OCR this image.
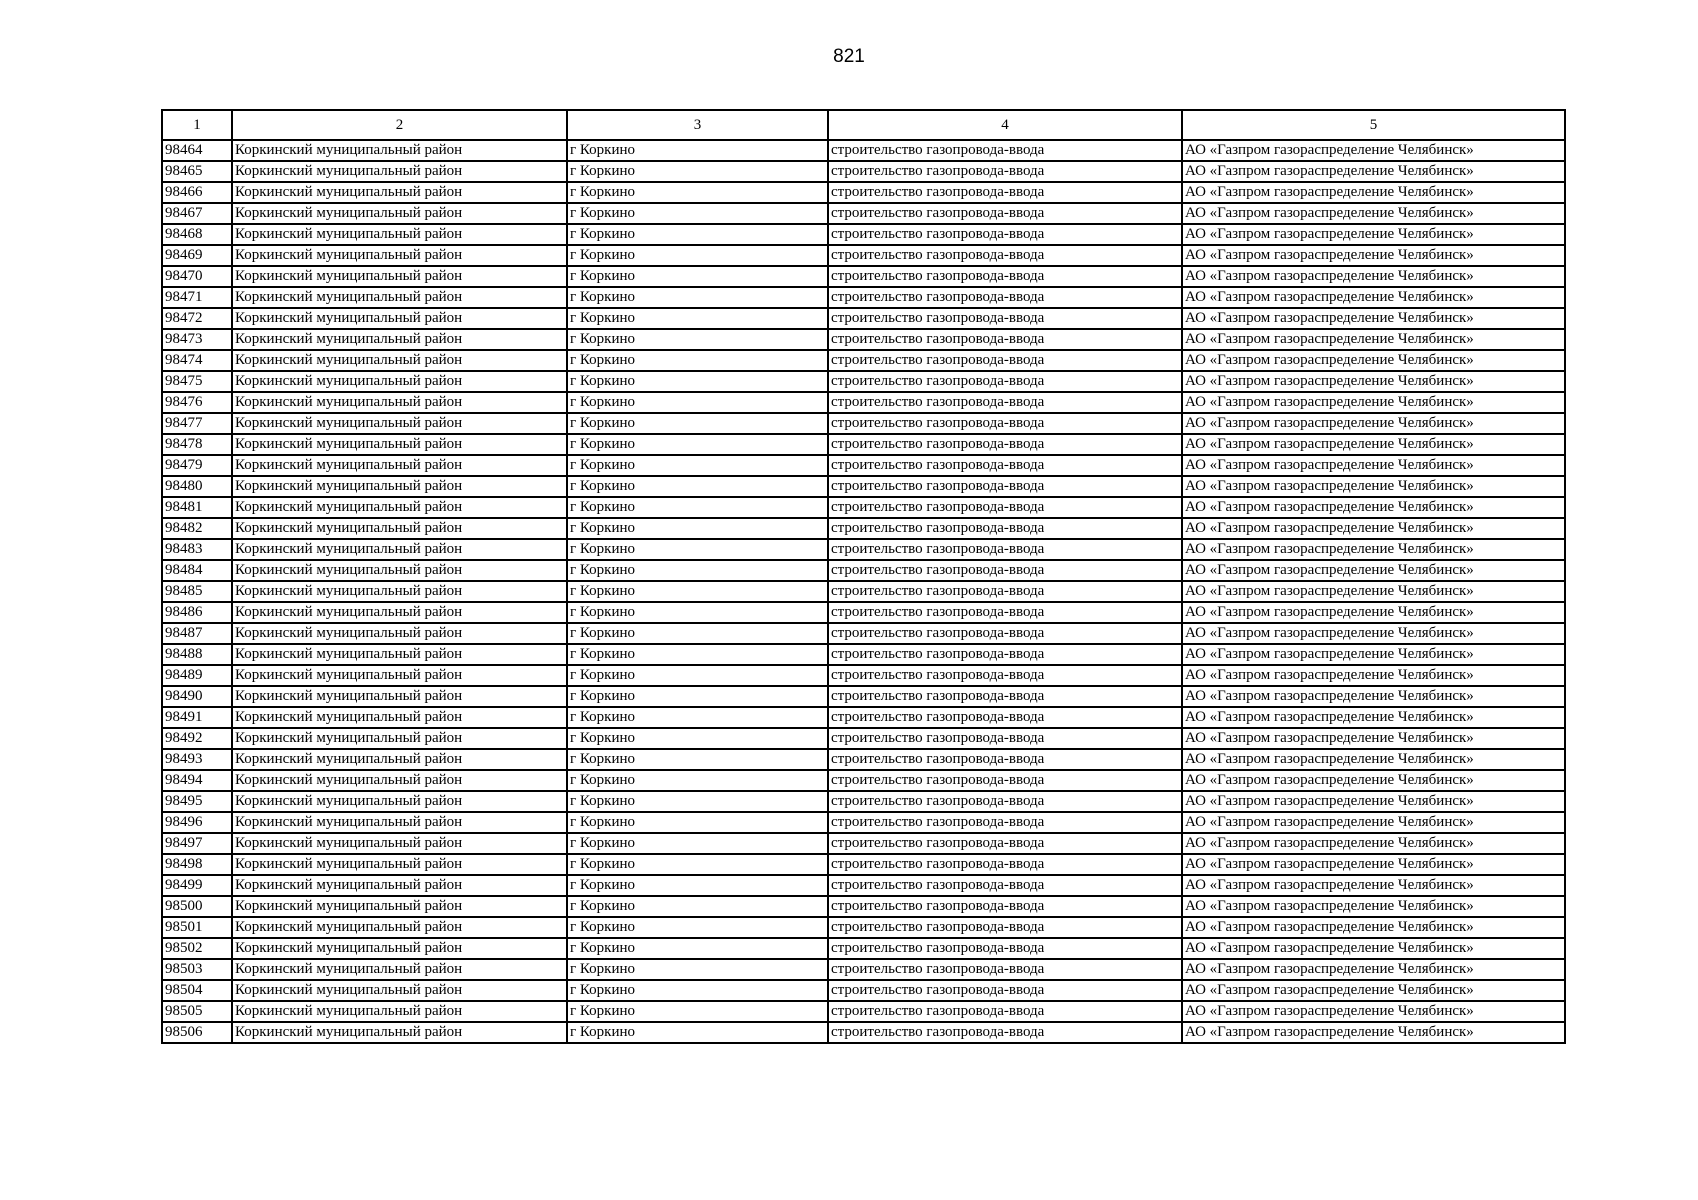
821
1	2	3	4	5
98464	Коркинский муниципальный район	г Коркино	строительство газопровода-ввода	АО «Газпром газораспределение Челябинск»
98465	Коркинский муниципальный район	г Коркино	строительство газопровода-ввода	АО «Газпром газораспределение Челябинск»
98466	Коркинский муниципальный район	г Коркино	строительство газопровода-ввода	АО «Газпром газораспределение Челябинск»
98467	Коркинский муниципальный район	г Коркино	строительство газопровода-ввода	АО «Газпром газораспределение Челябинск»
98468	Коркинский муниципальный район	г Коркино	строительство газопровода-ввода	АО «Газпром газораспределение Челябинск»
98469	Коркинский муниципальный район	г Коркино	строительство газопровода-ввода	АО «Газпром газораспределение Челябинск»
98470	Коркинский муниципальный район	г Коркино	строительство газопровода-ввода	АО «Газпром газораспределение Челябинск»
98471	Коркинский муниципальный район	г Коркино	строительство газопровода-ввода	АО «Газпром газораспределение Челябинск»
98472	Коркинский муниципальный район	г Коркино	строительство газопровода-ввода	АО «Газпром газораспределение Челябинск»
98473	Коркинский муниципальный район	г Коркино	строительство газопровода-ввода	АО «Газпром газораспределение Челябинск»
98474	Коркинский муниципальный район	г Коркино	строительство газопровода-ввода	АО «Газпром газораспределение Челябинск»
98475	Коркинский муниципальный район	г Коркино	строительство газопровода-ввода	АО «Газпром газораспределение Челябинск»
98476	Коркинский муниципальный район	г Коркино	строительство газопровода-ввода	АО «Газпром газораспределение Челябинск»
98477	Коркинский муниципальный район	г Коркино	строительство газопровода-ввода	АО «Газпром газораспределение Челябинск»
98478	Коркинский муниципальный район	г Коркино	строительство газопровода-ввода	АО «Газпром газораспределение Челябинск»
98479	Коркинский муниципальный район	г Коркино	строительство газопровода-ввода	АО «Газпром газораспределение Челябинск»
98480	Коркинский муниципальный район	г Коркино	строительство газопровода-ввода	АО «Газпром газораспределение Челябинск»
98481	Коркинский муниципальный район	г Коркино	строительство газопровода-ввода	АО «Газпром газораспределение Челябинск»
98482	Коркинский муниципальный район	г Коркино	строительство газопровода-ввода	АО «Газпром газораспределение Челябинск»
98483	Коркинский муниципальный район	г Коркино	строительство газопровода-ввода	АО «Газпром газораспределение Челябинск»
98484	Коркинский муниципальный район	г Коркино	строительство газопровода-ввода	АО «Газпром газораспределение Челябинск»
98485	Коркинский муниципальный район	г Коркино	строительство газопровода-ввода	АО «Газпром газораспределение Челябинск»
98486	Коркинский муниципальный район	г Коркино	строительство газопровода-ввода	АО «Газпром газораспределение Челябинск»
98487	Коркинский муниципальный район	г Коркино	строительство газопровода-ввода	АО «Газпром газораспределение Челябинск»
98488	Коркинский муниципальный район	г Коркино	строительство газопровода-ввода	АО «Газпром газораспределение Челябинск»
98489	Коркинский муниципальный район	г Коркино	строительство газопровода-ввода	АО «Газпром газораспределение Челябинск»
98490	Коркинский муниципальный район	г Коркино	строительство газопровода-ввода	АО «Газпром газораспределение Челябинск»
98491	Коркинский муниципальный район	г Коркино	строительство газопровода-ввода	АО «Газпром газораспределение Челябинск»
98492	Коркинский муниципальный район	г Коркино	строительство газопровода-ввода	АО «Газпром газораспределение Челябинск»
98493	Коркинский муниципальный район	г Коркино	строительство газопровода-ввода	АО «Газпром газораспределение Челябинск»
98494	Коркинский муниципальный район	г Коркино	строительство газопровода-ввода	АО «Газпром газораспределение Челябинск»
98495	Коркинский муниципальный район	г Коркино	строительство газопровода-ввода	АО «Газпром газораспределение Челябинск»
98496	Коркинский муниципальный район	г Коркино	строительство газопровода-ввода	АО «Газпром газораспределение Челябинск»
98497	Коркинский муниципальный район	г Коркино	строительство газопровода-ввода	АО «Газпром газораспределение Челябинск»
98498	Коркинский муниципальный район	г Коркино	строительство газопровода-ввода	АО «Газпром газораспределение Челябинск»
98499	Коркинский муниципальный район	г Коркино	строительство газопровода-ввода	АО «Газпром газораспределение Челябинск»
98500	Коркинский муниципальный район	г Коркино	строительство газопровода-ввода	АО «Газпром газораспределение Челябинск»
98501	Коркинский муниципальный район	г Коркино	строительство газопровода-ввода	АО «Газпром газораспределение Челябинск»
98502	Коркинский муниципальный район	г Коркино	строительство газопровода-ввода	АО «Газпром газораспределение Челябинск»
98503	Коркинский муниципальный район	г Коркино	строительство газопровода-ввода	АО «Газпром газораспределение Челябинск»
98504	Коркинский муниципальный район	г Коркино	строительство газопровода-ввода	АО «Газпром газораспределение Челябинск»
98505	Коркинский муниципальный район	г Коркино	строительство газопровода-ввода	АО «Газпром газораспределение Челябинск»
98506	Коркинский муниципальный район	г Коркино	строительство газопровода-ввода	АО «Газпром газораспределение Челябинск»
